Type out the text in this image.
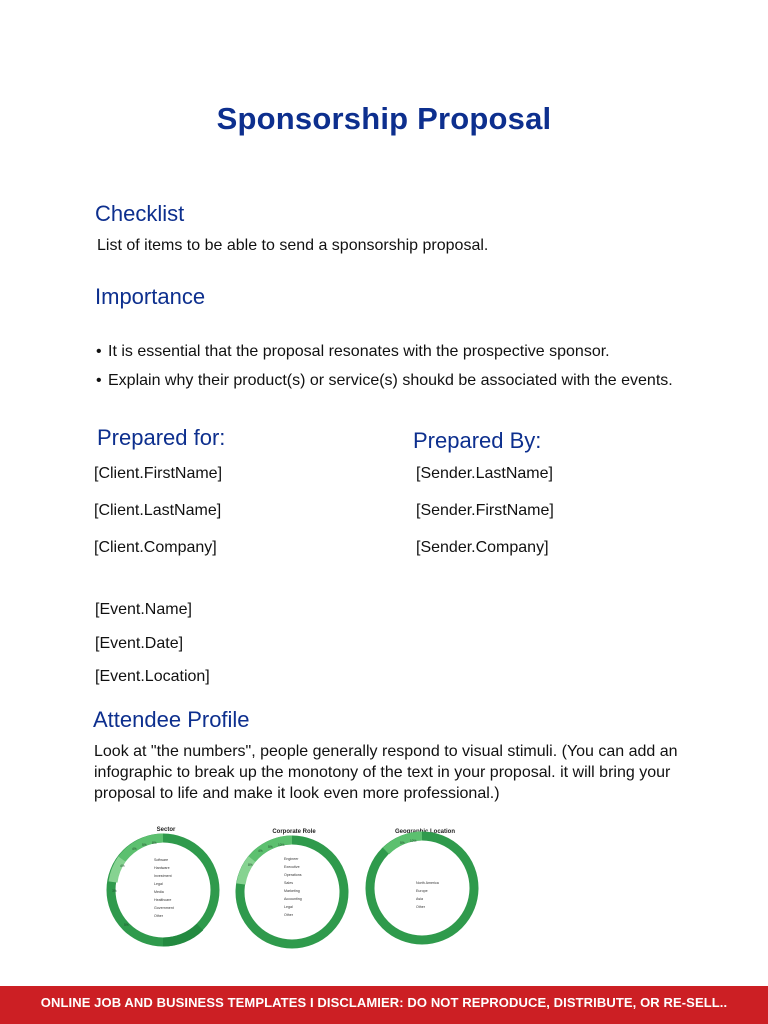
Sponsorship Proposal
Checklist
List of items to be able to send a sponsorship proposal.
Importance
• It is essential that the proposal resonates with the prospective sponsor.
• Explain why their product(s) or service(s) shoukd be associated with the events.
Prepared for:
[Client.FirstName]
[Client.LastName]
[Client.Company]
Prepared By:
[Sender.LastName]
[Sender.FirstName]
[Sender.Company]
[Event.Name]
[Event.Date]
[Event.Location]
Attendee Profile
Look at "the numbers", people generally respond to visual stimuli. (You can add an infographic to break up the monotony of the text in your proposal. it will bring your proposal to life and make it look even more professional.)
Sector
4%
5% 8%
4%
3%
5%
Software
Hardware
Investment
Legal
Media
Healthcare
Government
Other
Corporate Role
4%
5% 10%
8%
Engineer
Executive
Operations
Sales
Marketing
Accounting
Legal
Other
Geographic Location
5% 10%
North America
Europe
Asia
Other
ONLINE JOB AND BUSINESS TEMPLATES I DISCLAMIER: DO NOT REPRODUCE, DISTRIBUTE, OR RE-SELL..
